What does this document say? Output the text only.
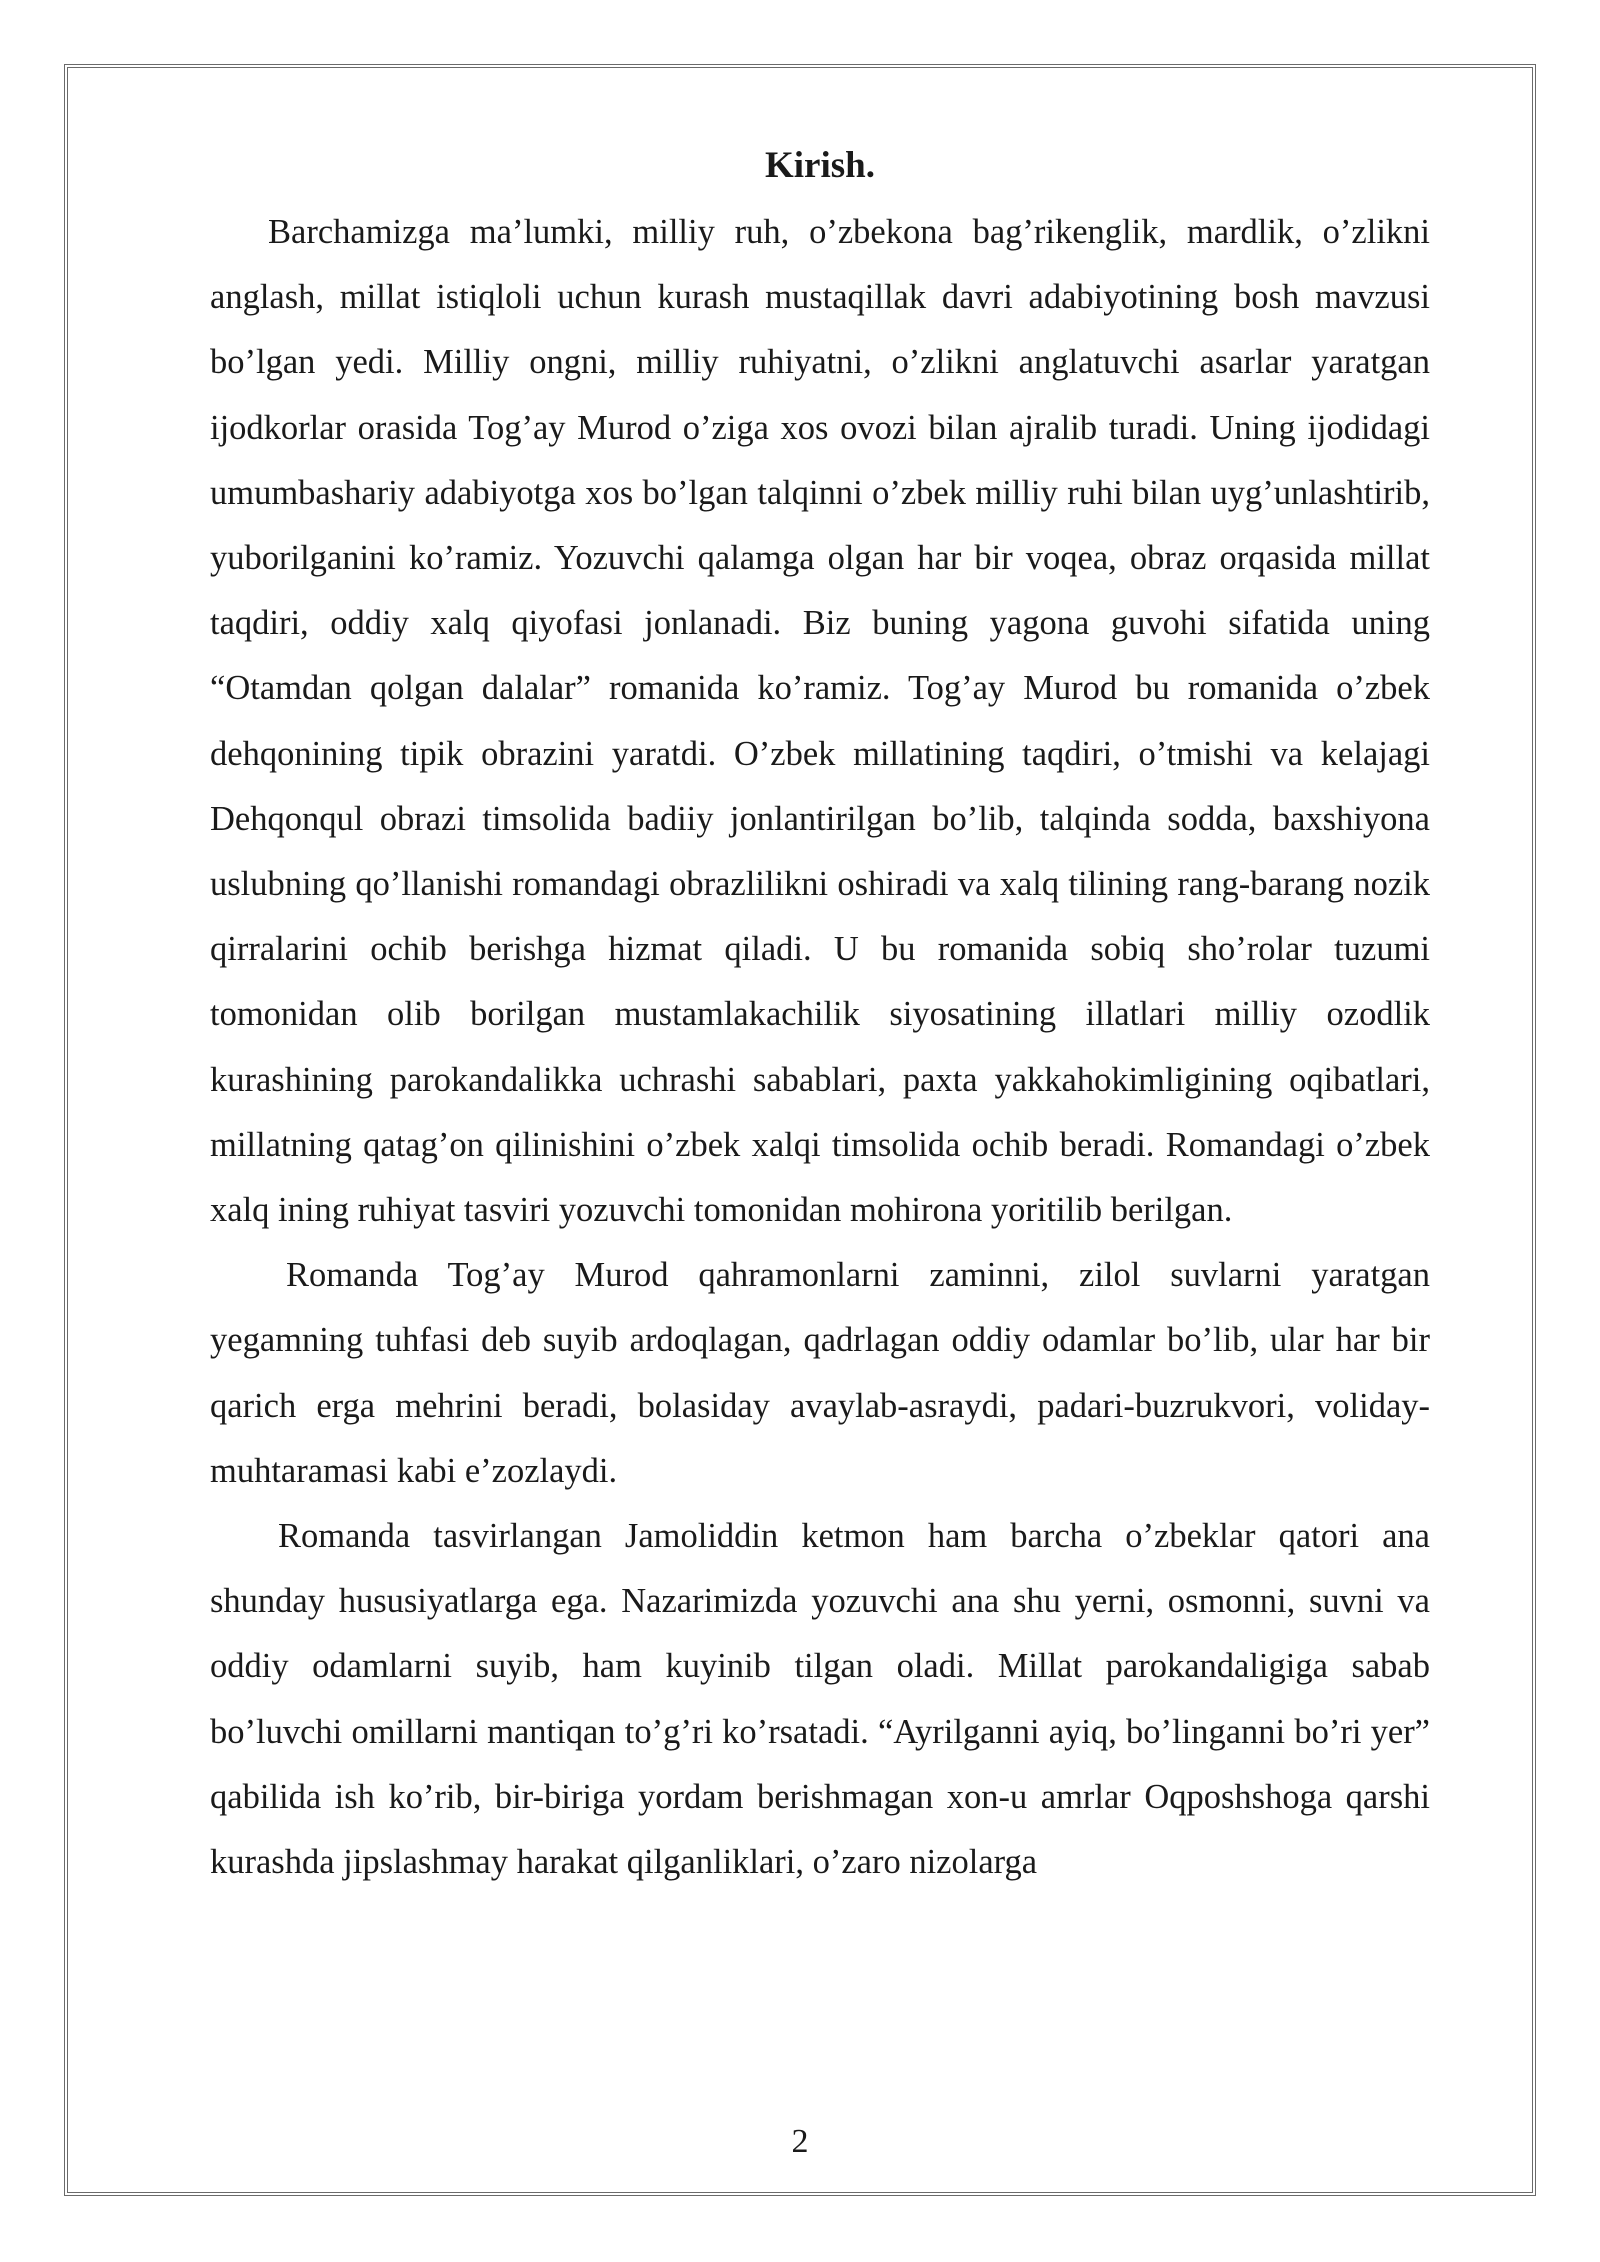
Kirish.

Barchamizga ma’lumki, milliy ruh, o’zbekona bag’rikenglik, mardlik, o’zlikni anglash, millat istiqloli uchun kurash mustaqillak davri adabiyotining bosh mavzusi bo’lgan yedi. Milliy ongni, milliy ruhiyatni, o’zlikni anglatuvchi asarlar yaratgan ijodkorlar orasida Tog’ay Murod o’ziga xos ovozi bilan ajralib turadi. Uning ijodidagi umumbashariy adabiyotga xos bo’lgan talqinni o’zbek milliy ruhi bilan uyg’unlashtirib, yuborilganini ko’ramiz. Yozuvchi qalamga olgan har bir voqea, obraz orqasida millat taqdiri, oddiy xalq qiyofasi jonlanadi. Biz buning yagona guvohi sifatida uning “Otamdan qolgan dalalar” romanida ko’ramiz. Tog’ay Murod bu romanida o’zbek dehqonining tipik obrazini yaratdi. O’zbek millatining taqdiri, o’tmishi va kelajagi Dehqonqul obrazi timsolida badiiy jonlantirilgan bo’lib, talqinda sodda, baxshiyona uslubning qo’llanishi romandagi obrazlilikni oshiradi va xalq tilining rang-barang nozik qirralarini ochib berishga hizmat qiladi. U bu romanida sobiq sho’rolar tuzumi tomonidan olib borilgan mustamlakachilik siyosatining illatlari milliy ozodlik kurashining parokandalikka uchrashi sabablari, paxta yakkahokimligining oqibatlari, millatning qatag’on qilinishini o’zbek xalqi timsolida ochib beradi. Romandagi o’zbek xalq ining ruhiyat tasviri yozuvchi tomonidan mohirona yoritilib berilgan.

Romanda Tog’ay Murod qahramonlarni zaminni, zilol suvlarni yaratgan yegamning tuhfasi deb suyib ardoqlagan, qadrlagan oddiy odamlar bo’lib, ular har bir qarich erga mehrini beradi, bolasiday avaylab-asraydi, padari-buzrukvori, voliday-muhtaramasi kabi e’zozlaydi.

Romanda tasvirlangan Jamoliddin ketmon ham barcha o’zbeklar qatori ana shunday hususiyatlarga ega. Nazarimizda yozuvchi ana shu yerni, osmonni, suvni va oddiy odamlarni suyib, ham kuyinib tilgan oladi. Millat parokandaligiga sabab bo’luvchi omillarni mantiqan to’g’ri ko’rsatadi. “Ayrilganni ayiq, bo’linganni bo’ri yer” qabilida ish ko’rib, bir-biriga yordam berishmagan xon-u amrlar Oqposhshoga qarshi kurashda jipslashmay harakat qilganliklari, o’zaro nizolarga

2
